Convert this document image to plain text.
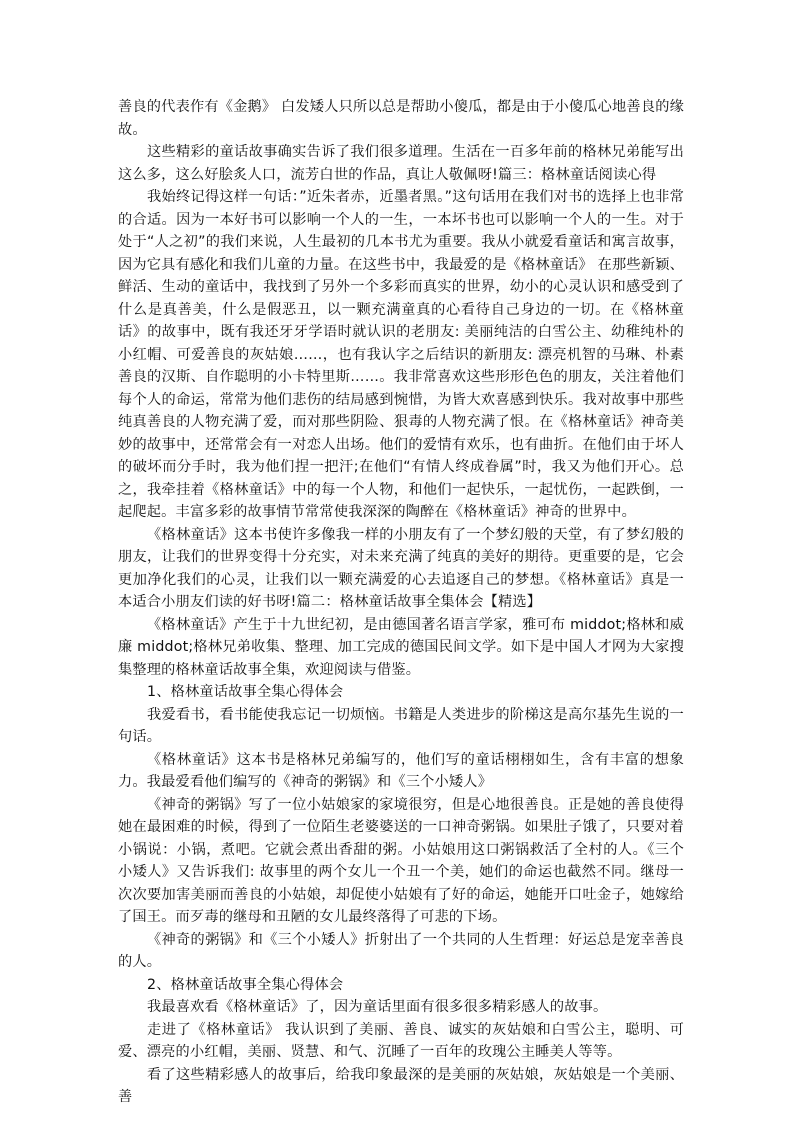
善良的代表作有《金鹅》 白发矮人只所以总是帮助小傻瓜，都是由于小傻瓜心地善良的缘故。

这些精彩的童话故事确实告诉了我们很多道理。生活在一百多年前的格林兄弟能写出这么多，这么好脍炙人口，流芳白世的作品，真让人敬佩呀!篇三：格林童话阅读心得

我始终记得这样一句话：”近朱者赤，近墨者黑。”这句话用在我们对书的选择上也非常的合适。因为一本好书可以影响一个人的一生，一本坏书也可以影响一个人的一生。对于处于“人之初”的我们来说，人生最初的几本书尤为重要。我从小就爱看童话和寓言故事，因为它具有感化和我们儿童的力量。在这些书中，我最爱的是《格林童话》 在那些新颖、鲜活、生动的童话中，我找到了另外一个多彩而真实的世界，幼小的心灵认识和感受到了什么是真善美，什么是假恶丑，以一颗充满童真的心看待自己身边的一切。在《格林童话》的故事中，既有我还牙牙学语时就认识的老朋友: 美丽纯洁的白雪公主、幼稚纯朴的小红帽、可爱善良的灰姑娘……，也有我认字之后结识的新朋友: 漂亮机智的马琳、朴素善良的汉斯、自作聪明的小卡特里斯……。我非常喜欢这些形形色色的朋友，关注着他们每个人的命运，常常为他们悲伤的结局感到惋惜，为皆大欢喜感到快乐。我对故事中那些纯真善良的人物充满了爱，而对那些阴险、狠毒的人物充满了恨。在《格林童话》神奇美妙的故事中，还常常会有一对恋人出场。他们的爱情有欢乐，也有曲折。在他们由于坏人的破坏而分手时，我为他们捏一把汗;在他们“有情人终成眷属”时，我又为他们开心。总之，我牵挂着《格林童话》中的每一个人物，和他们一起快乐，一起忧伤，一起跌倒，一起爬起。丰富多彩的故事情节常常使我深深的陶醉在《格林童话》神奇的世界中。

《格林童话》这本书使许多像我一样的小朋友有了一个梦幻般的天堂，有了梦幻般的朋友，让我们的世界变得十分充实，对未来充满了纯真的美好的期待。更重要的是，它会更加净化我们的心灵，让我们以一颗充满爱的心去追逐自己的梦想。《格林童话》真是一本适合小朋友们读的好书呀!篇二：格林童话故事全集体会【精选】

《格林童话》产生于十九世纪初，是由德国著名语言学家，雅可布 middot;格林和威廉 middot;格林兄弟收集、整理、加工完成的德国民间文学。如下是中国人才网为大家搜集整理的格林童话故事全集，欢迎阅读与借鉴。

1、格林童话故事全集心得体会

我爱看书，看书能使我忘记一切烦恼。书籍是人类进步的阶梯这是高尔基先生说的一句话。

《格林童话》这本书是格林兄弟编写的，他们写的童话栩栩如生，含有丰富的想象力。我最爱看他们编写的《神奇的粥锅》和《三个小矮人》

《神奇的粥锅》写了一位小姑娘家的家境很穷，但是心地很善良。正是她的善良使得她在最困难的时候，得到了一位陌生老婆婆送的一口神奇粥锅。如果肚子饿了，只要对着小锅说：小锅，煮吧。它就会煮出香甜的粥。小姑娘用这口粥锅救活了全村的人。《三个小矮人》又告诉我们: 故事里的两个女儿一个丑一个美，她们的命运也截然不同。继母一次次要加害美丽而善良的小姑娘，却促使小姑娘有了好的命运，她能开口吐金子，她嫁给了国王。而歹毒的继母和丑陋的女儿最终落得了可悲的下场。

《神奇的粥锅》和《三个小矮人》折射出了一个共同的人生哲理：好运总是宠幸善良的人。

2、格林童话故事全集心得体会

我最喜欢看《格林童话》了，因为童话里面有很多很多精彩感人的故事。

走进了《格林童话》 我认识到了美丽、善良、诚实的灰姑娘和白雪公主，聪明、可爱、漂亮的小红帽，美丽、贤慧、和气、沉睡了一百年的玫瑰公主睡美人等等。

看了这些精彩感人的故事后，给我印象最深的是美丽的灰姑娘，灰姑娘是一个美丽、善
